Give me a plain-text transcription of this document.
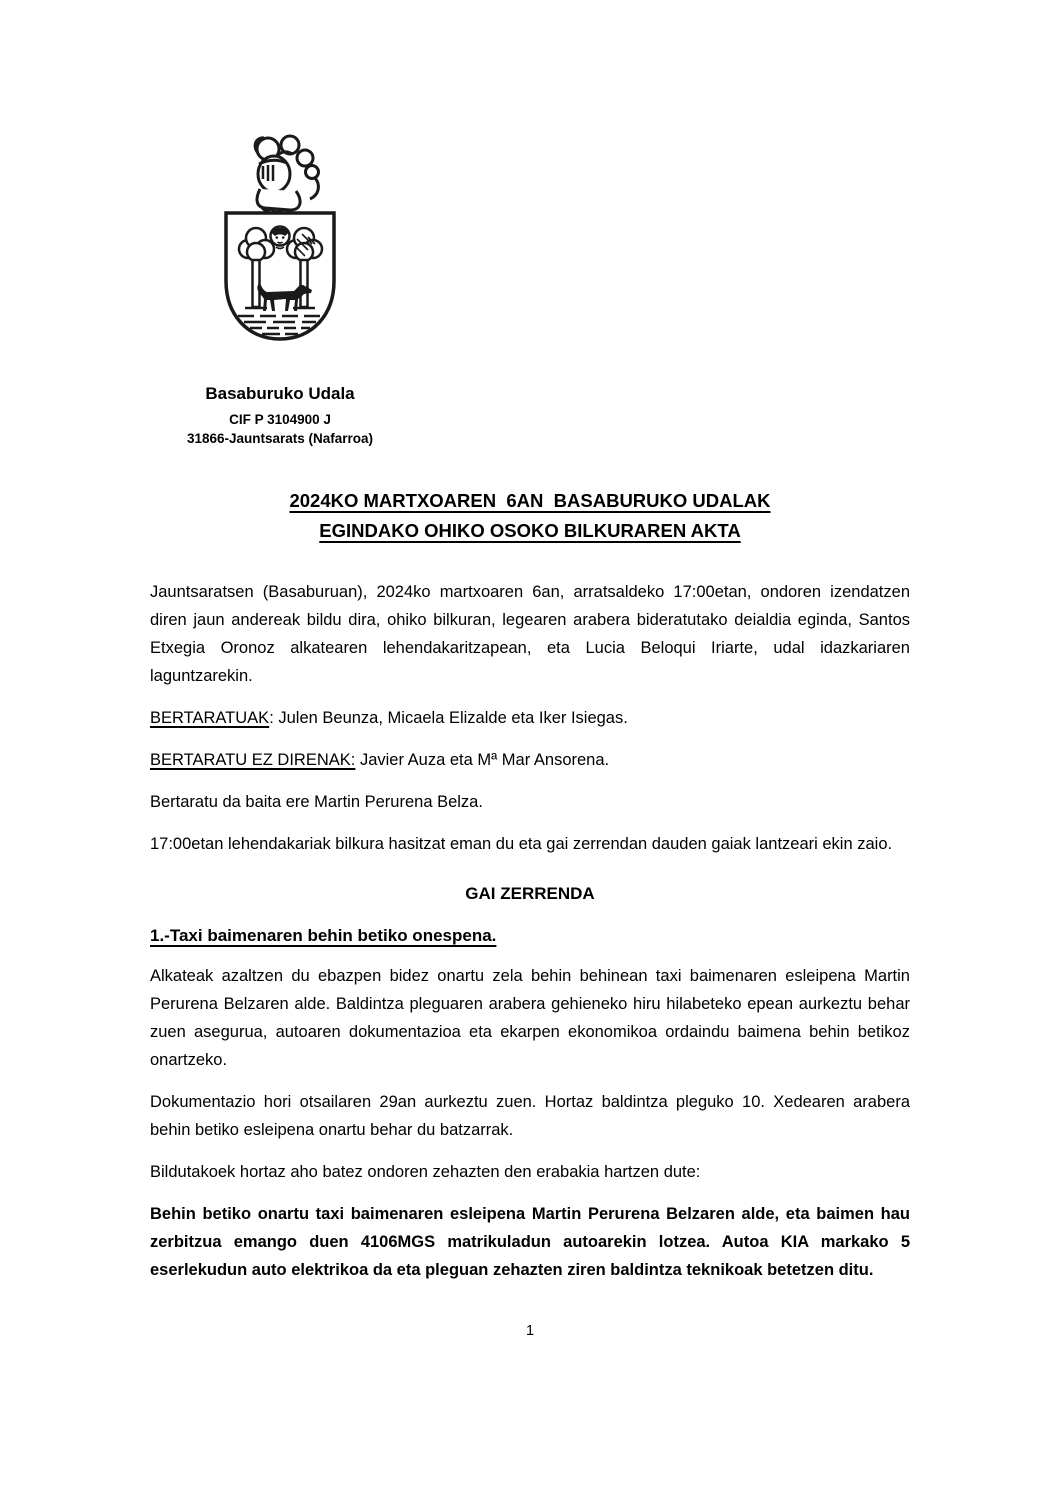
Basaburuko Udala
CIF P 3104900 J
31866-Jauntsarats (Nafarroa)
2024KO MARTXOAREN  6AN  BASABURUKO UDALAK
EGINDAKO OHIKO OSOKO BILKURAREN AKTA

Jauntsaratsen (Basaburuan), 2024ko martxoaren 6an, arratsaldeko 17:00etan, ondoren izendatzen diren jaun andereak bildu dira, ohiko bilkuran, legearen arabera bideratutako deialdia eginda, Santos Etxegia Oronoz alkatearen lehendakaritzapean, eta Lucia Beloqui Iriarte, udal idazkariaren laguntzarekin.

BERTARATUAK: Julen Beunza, Micaela Elizalde eta Iker Isiegas.

BERTARATU EZ DIRENAK: Javier Auza eta Mª Mar Ansorena.

Bertaratu da baita ere Martin Perurena Belza.

17:00etan lehendakariak bilkura hasitzat eman du eta gai zerrendan dauden gaiak lantzeari ekin zaio.

GAI ZERRENDA
1.-Taxi baimenaren behin betiko onespena.

Alkateak azaltzen du ebazpen bidez onartu zela behin behinean taxi baimenaren esleipena Martin Perurena Belzaren alde. Baldintza pleguaren arabera gehieneko hiru hilabeteko epean aurkeztu behar zuen asegurua, autoaren dokumentazioa eta ekarpen ekonomikoa ordaindu baimena behin betikoz onartzeko.

Dokumentazio hori otsailaren 29an aurkeztu zuen. Hortaz baldintza pleguko 10. Xedearen arabera behin betiko esleipena onartu behar du batzarrak.

Bildutakoek hortaz aho batez ondoren zehazten den erabakia hartzen dute:

Behin betiko onartu taxi baimenaren esleipena Martin Perurena Belzaren alde, eta baimen hau zerbitzua emango duen 4106MGS matrikuladun autoarekin lotzea. Autoa KIA markako 5 eserlekudun auto elektrikoa da eta pleguan zehazten ziren baldintza teknikoak betetzen ditu.

1
